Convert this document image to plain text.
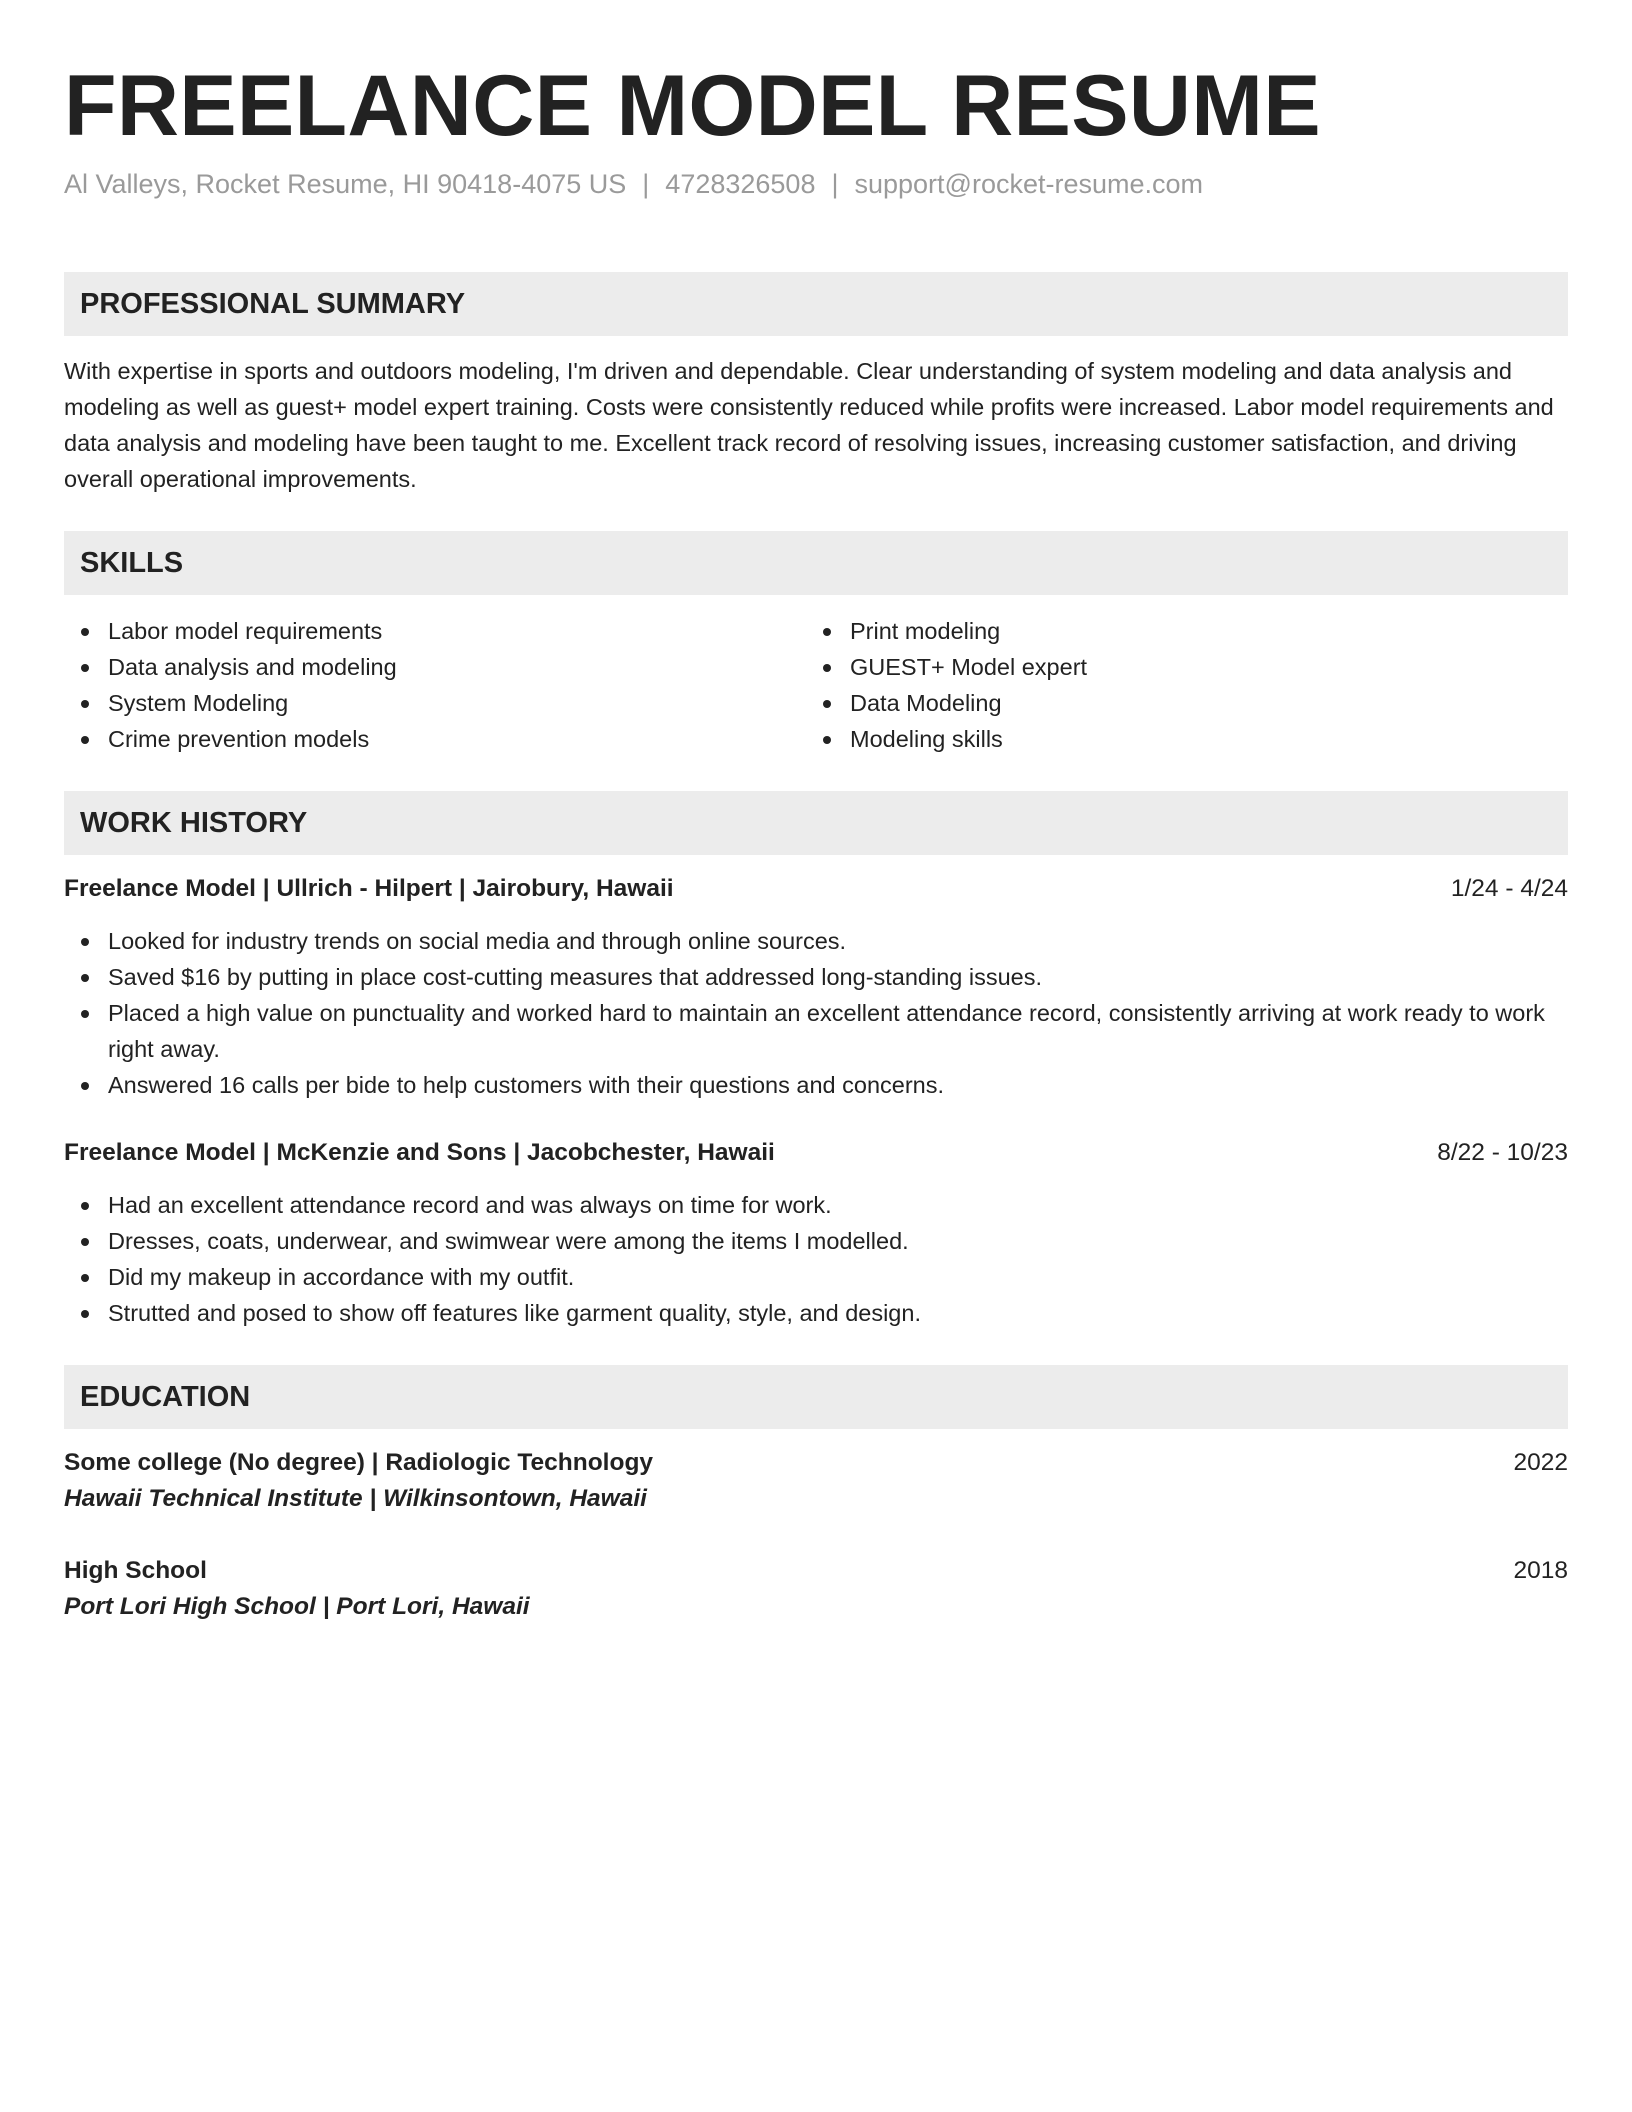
FREELANCE MODEL RESUME
Al Valleys, Rocket Resume, HI 90418-4075 US | 4728326508 | support@rocket-resume.com
PROFESSIONAL SUMMARY

With expertise in sports and outdoors modeling, I'm driven and dependable. Clear understanding of system modeling and data analysis and modeling as well as guest+ model expert training. Costs were consistently reduced while profits were increased. Labor model requirements and data analysis and modeling have been taught to me. Excellent track record of resolving issues, increasing customer satisfaction, and driving overall operational improvements.

SKILLS
Labor model requirements
Data analysis and modeling
System Modeling
Crime prevention models
Print modeling
GUEST+ Model expert
Data Modeling
Modeling skills
WORK HISTORY
Freelance Model | Ullrich - Hilpert | Jairobury, Hawaii	1/24 - 4/24
Looked for industry trends on social media and through online sources.
Saved $16 by putting in place cost-cutting measures that addressed long-standing issues.
Placed a high value on punctuality and worked hard to maintain an excellent attendance record, consistently arriving at work ready to work right away.
Answered 16 calls per bide to help customers with their questions and concerns.
Freelance Model | McKenzie and Sons | Jacobchester, Hawaii	8/22 - 10/23
Had an excellent attendance record and was always on time for work.
Dresses, coats, underwear, and swimwear were among the items I modelled.
Did my makeup in accordance with my outfit.
Strutted and posed to show off features like garment quality, style, and design.
EDUCATION
Some college (No degree) | Radiologic Technology	2022
Hawaii Technical Institute | Wilkinsontown, Hawaii
High School	2018
Port Lori High School | Port Lori, Hawaii
